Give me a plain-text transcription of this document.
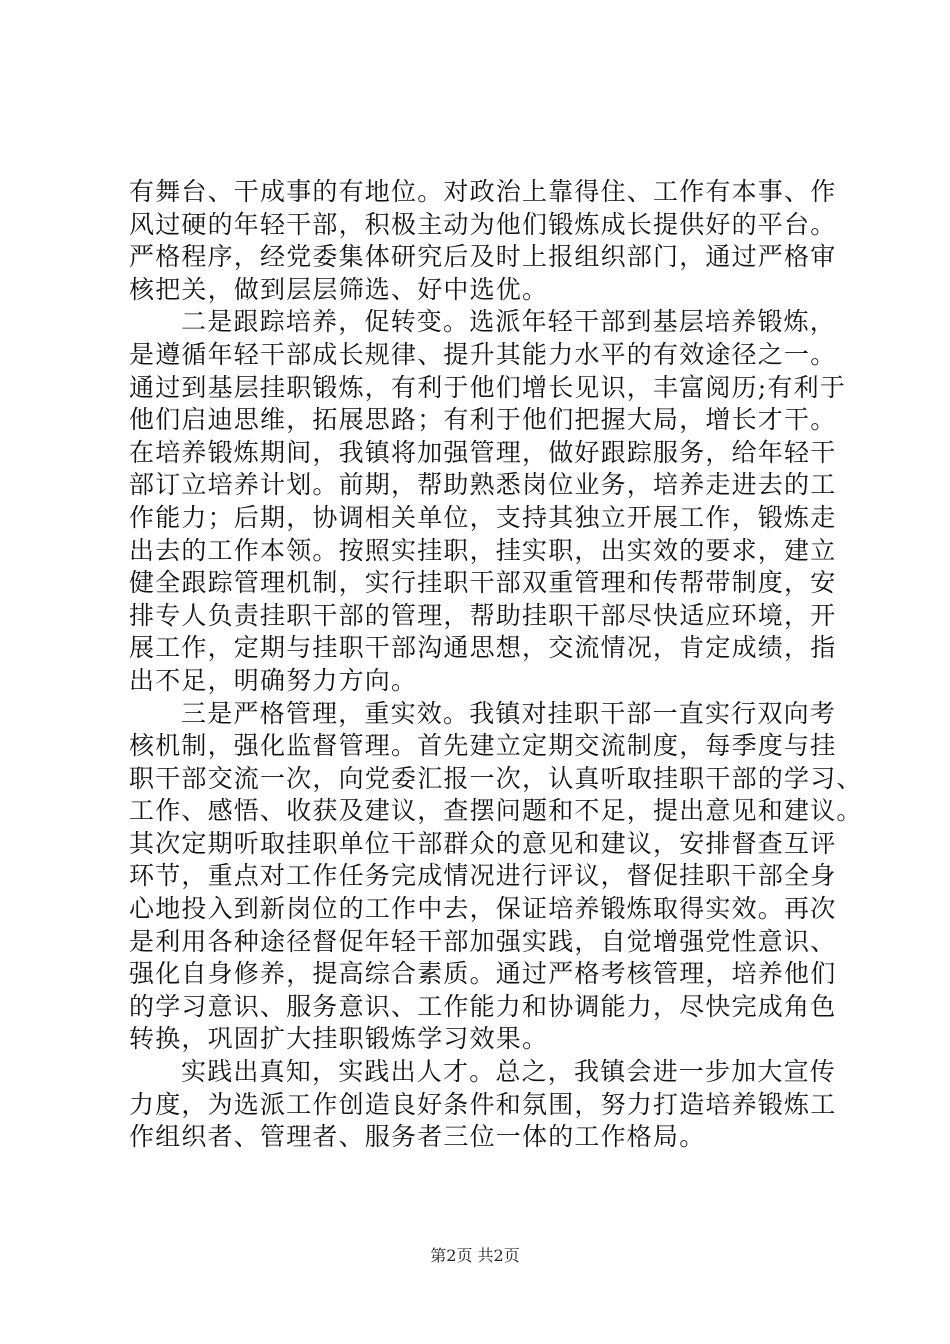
有舞台、干成事的有地位。对政治上靠得住、工作有本事、作
风过硬的年轻干部，积极主动为他们锻炼成长提供好的平台。
严格程序，经党委集体研究后及时上报组织部门，通过严格审
核把关，做到层层筛选、好中选优。
二是跟踪培养，促转变。选派年轻干部到基层培养锻炼，
是遵循年轻干部成长规律、提升其能力水平的有效途径之一。
通过到基层挂职锻炼，有利于他们增长见识，丰富阅历;有利于
他们启迪思维，拓展思路；有利于他们把握大局，增长才干。
在培养锻炼期间，我镇将加强管理，做好跟踪服务，给年轻干
部订立培养计划。前期，帮助熟悉岗位业务，培养走进去的工
作能力；后期，协调相关单位，支持其独立开展工作，锻炼走
出去的工作本领。按照实挂职，挂实职，出实效的要求，建立
健全跟踪管理机制，实行挂职干部双重管理和传帮带制度，安
排专人负责挂职干部的管理，帮助挂职干部尽快适应环境，开
展工作，定期与挂职干部沟通思想，交流情况，肯定成绩，指
出不足，明确努力方向。
三是严格管理，重实效。我镇对挂职干部一直实行双向考
核机制，强化监督管理。首先建立定期交流制度，每季度与挂
职干部交流一次，向党委汇报一次，认真听取挂职干部的学习、
工作、感悟、收获及建议，查摆问题和不足，提出意见和建议。
其次定期听取挂职单位干部群众的意见和建议，安排督查互评
环节，重点对工作任务完成情况进行评议，督促挂职干部全身
心地投入到新岗位的工作中去，保证培养锻炼取得实效。再次
是利用各种途径督促年轻干部加强实践，自觉增强党性意识、
强化自身修养，提高综合素质。通过严格考核管理，培养他们
的学习意识、服务意识、工作能力和协调能力，尽快完成角色
转换，巩固扩大挂职锻炼学习效果。
实践出真知，实践出人才。总之，我镇会进一步加大宣传
力度，为选派工作创造良好条件和氛围，努力打造培养锻炼工
作组织者、管理者、服务者三位一体的工作格局。
第2页 共2页
